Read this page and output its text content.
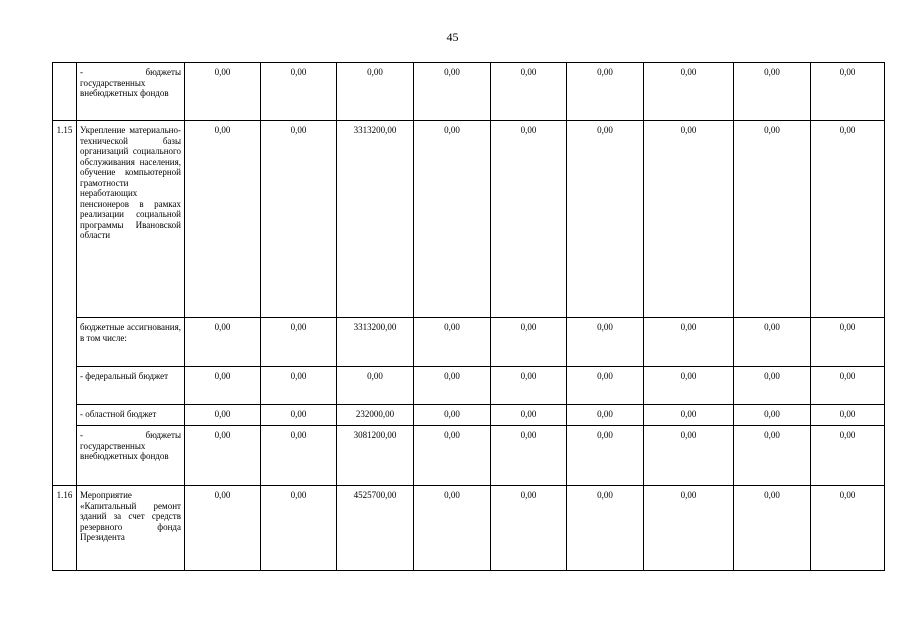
45
	- бюджеты государственных внебюджетных фондов	0,00	0,00	0,00	0,00	0,00	0,00	0,00	0,00	0,00
1.15	Укрепление материально-технической базы организаций социального обслуживания населения, обучение компьютерной грамотности неработающих пенсионеров в рамках реализации социальной программы Ивановской области	0,00	0,00	3313200,00	0,00	0,00	0,00	0,00	0,00	0,00
	бюджетные ассигнования, в том числе:	0,00	0,00	3313200,00	0,00	0,00	0,00	0,00	0,00	0,00
	- федеральный бюджет	0,00	0,00	0,00	0,00	0,00	0,00	0,00	0,00	0,00
	- областной бюджет	0,00	0,00	232000,00	0,00	0,00	0,00	0,00	0,00	0,00
	- бюджеты государственных внебюджетных фондов	0,00	0,00	3081200,00	0,00	0,00	0,00	0,00	0,00	0,00
1.16	Мероприятие «Капитальный ремонт зданий за счет средств резервного фонда Президента	0,00	0,00	4525700,00	0,00	0,00	0,00	0,00	0,00	0,00
